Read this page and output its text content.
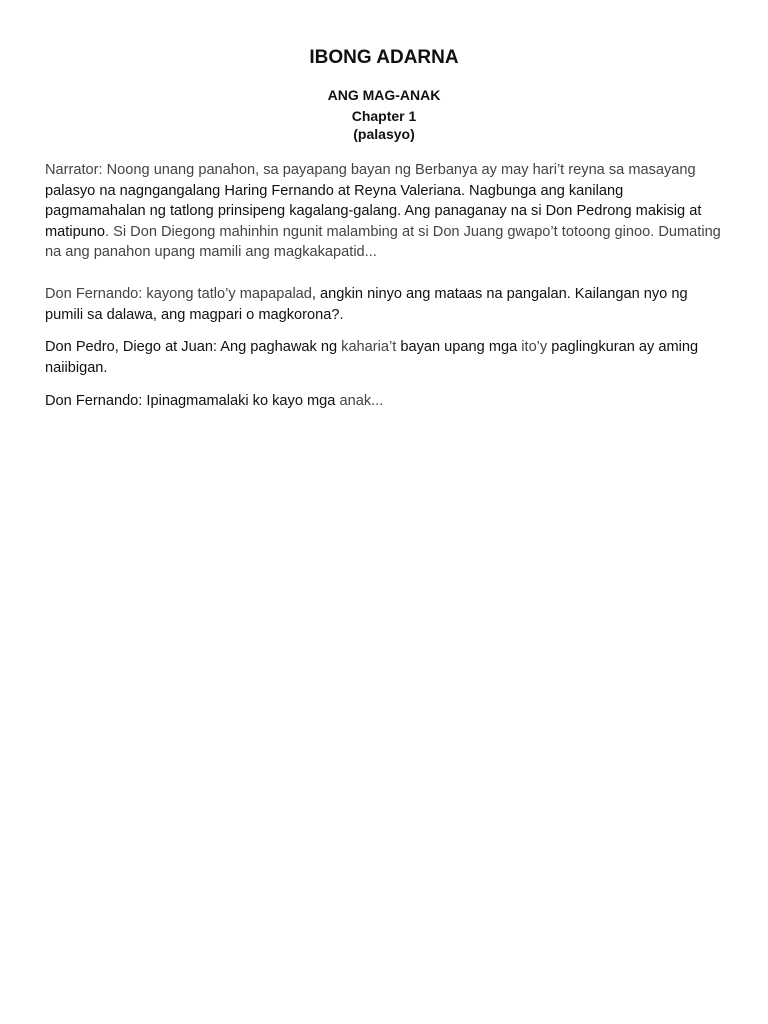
IBONG ADARNA
ANG MAG-ANAK
Chapter 1
(palasyo)

Narrator: Noong unang panahon, sa payapang bayan ng Berbanya ay may hari’t reyna sa masayang palasyo na nagngangalang Haring Fernando at Reyna Valeriana. Nagbunga ang kanilang pagmamahalan ng tatlong prinsipeng kagalang-galang. Ang panaganay na si Don Pedrong makisig at matipuno. Si Don Diegong mahinhin ngunit malambing at si Don Juang gwapo’t totoong ginoo. Dumating na ang panahon upang mamili ang magkakapatid...

Don Fernando: kayong tatlo’y mapapalad, angkin ninyo ang mataas na pangalan. Kailangan nyo ng pumili sa dalawa, ang magpari o magkorona?.

Don Pedro, Diego at Juan: Ang paghawak ng kaharia’t bayan upang mga ito’y paglingkuran ay aming naiibigan.

Don Fernando: Ipinagmamalaki ko kayo mga anak...
